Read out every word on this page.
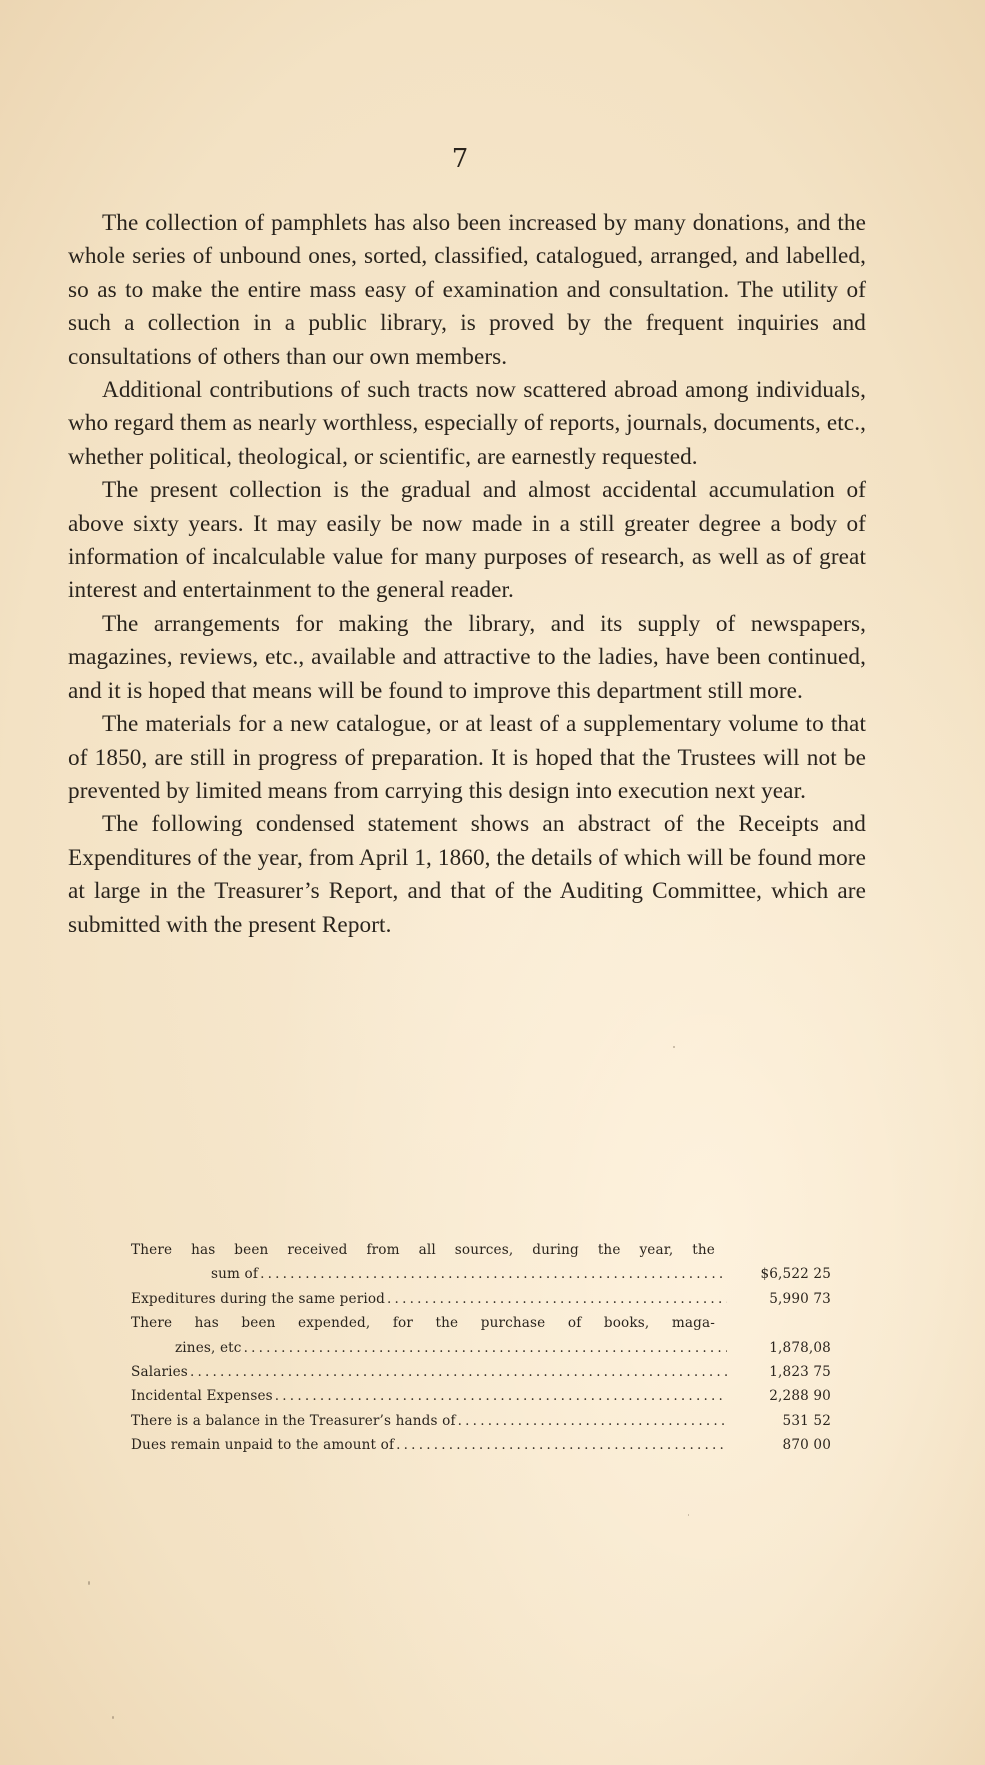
7

The collection of pamphlets has also been increased by many donations, and the whole series of unbound ones, sorted, classified, catalogued, arranged, and labelled, so as to make the entire mass easy of examination and consultation. The utility of such a collection in a public library, is proved by the frequent inquiries and consultations of others than our own members.

Additional contributions of such tracts now scattered abroad among individuals, who regard them as nearly worthless, especially of reports, journals, documents, etc., whether political, theological, or scientific, are earnestly requested.

The present collection is the gradual and almost accidental accumulation of above sixty years. It may easily be now made in a still greater degree a body of information of incalculable value for many purposes of research, as well as of great interest and entertainment to the general reader.

The arrangements for making the library, and its supply of newspapers, magazines, reviews, etc., available and attractive to the ladies, have been continued, and it is hoped that means will be found to improve this department still more.

The materials for a new catalogue, or at least of a supplementary volume to that of 1850, are still in progress of preparation. It is hoped that the Trustees will not be prevented by limited means from carrying this design into execution next year.

The following condensed statement shows an abstract of the Receipts and Expenditures of the year, from April 1, 1860, the details of which will be found more at large in the Treasurer’s Report, and that of the Auditing Committee, which are submitted with the present Report.

There has been received from all sources, during the year, the
sum of .....	$6,522 25
Expeditures during the same period .....	5,990 73
There has been expended, for the purchase of books, maga-
zines, etc .....	1,878,08
Salaries .....	1,823 75
Incidental Expenses .....	2,288 90
There is a balance in the Treasurer’s hands of .....	531 52
Dues remain unpaid to the amount of .....	870 00
